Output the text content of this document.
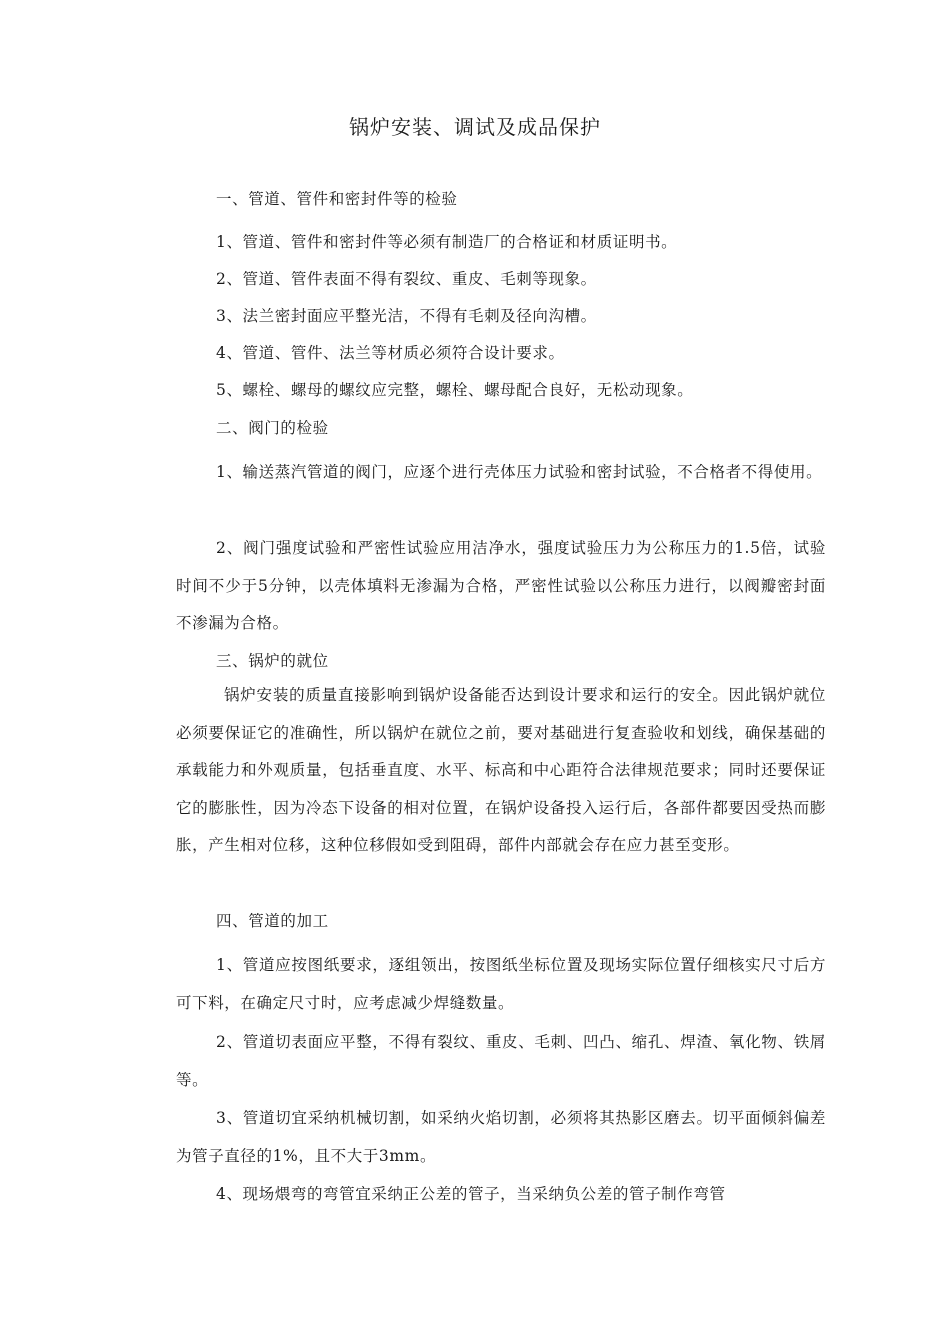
锅炉安装、调试及成品保护

一、管道、管件和密封件等的检验

1、管道、管件和密封件等必须有制造厂的合格证和材质证明书。

2、管道、管件表面不得有裂纹、重皮、毛刺等现象。

3、法兰密封面应平整光洁，不得有毛刺及径向沟槽。

4、管道、管件、法兰等材质必须符合设计要求。

5、螺栓、螺母的螺纹应完整，螺栓、螺母配合良好，无松动现象。

二、阀门的检验

1、输送蒸汽管道的阀门，应逐个进行壳体压力试验和密封试验，不合格者不得使用。

2、阀门强度试验和严密性试验应用洁净水，强度试验压力为公称压力的1.5倍，试验时间不少于5分钟，以壳体填料无渗漏为合格，严密性试验以公称压力进行，以阀瓣密封面不渗漏为合格。

三、锅炉的就位

锅炉安装的质量直接影响到锅炉设备能否达到设计要求和运行的安全。因此锅炉就位必须要保证它的准确性，所以锅炉在就位之前，要对基础进行复查验收和划线，确保基础的承载能力和外观质量，包括垂直度、水平、标高和中心距符合法律规范要求；同时还要保证它的膨胀性，因为冷态下设备的相对位置，在锅炉设备投入运行后，各部件都要因受热而膨胀，产生相对位移，这种位移假如受到阻碍，部件内部就会存在应力甚至变形。

四、管道的加工

1、管道应按图纸要求，逐组领出，按图纸坐标位置及现场实际位置仔细核实尺寸后方可下料，在确定尺寸时，应考虑减少焊缝数量。

2、管道切表面应平整，不得有裂纹、重皮、毛刺、凹凸、缩孔、焊渣、氧化物、铁屑等。

3、管道切宜采纳机械切割，如采纳火焰切割，必须将其热影区磨去。切平面倾斜偏差为管子直径的1%，且不大于3mm。

4、现场煨弯的弯管宜采纳正公差的管子，当采纳负公差的管子制作弯管
